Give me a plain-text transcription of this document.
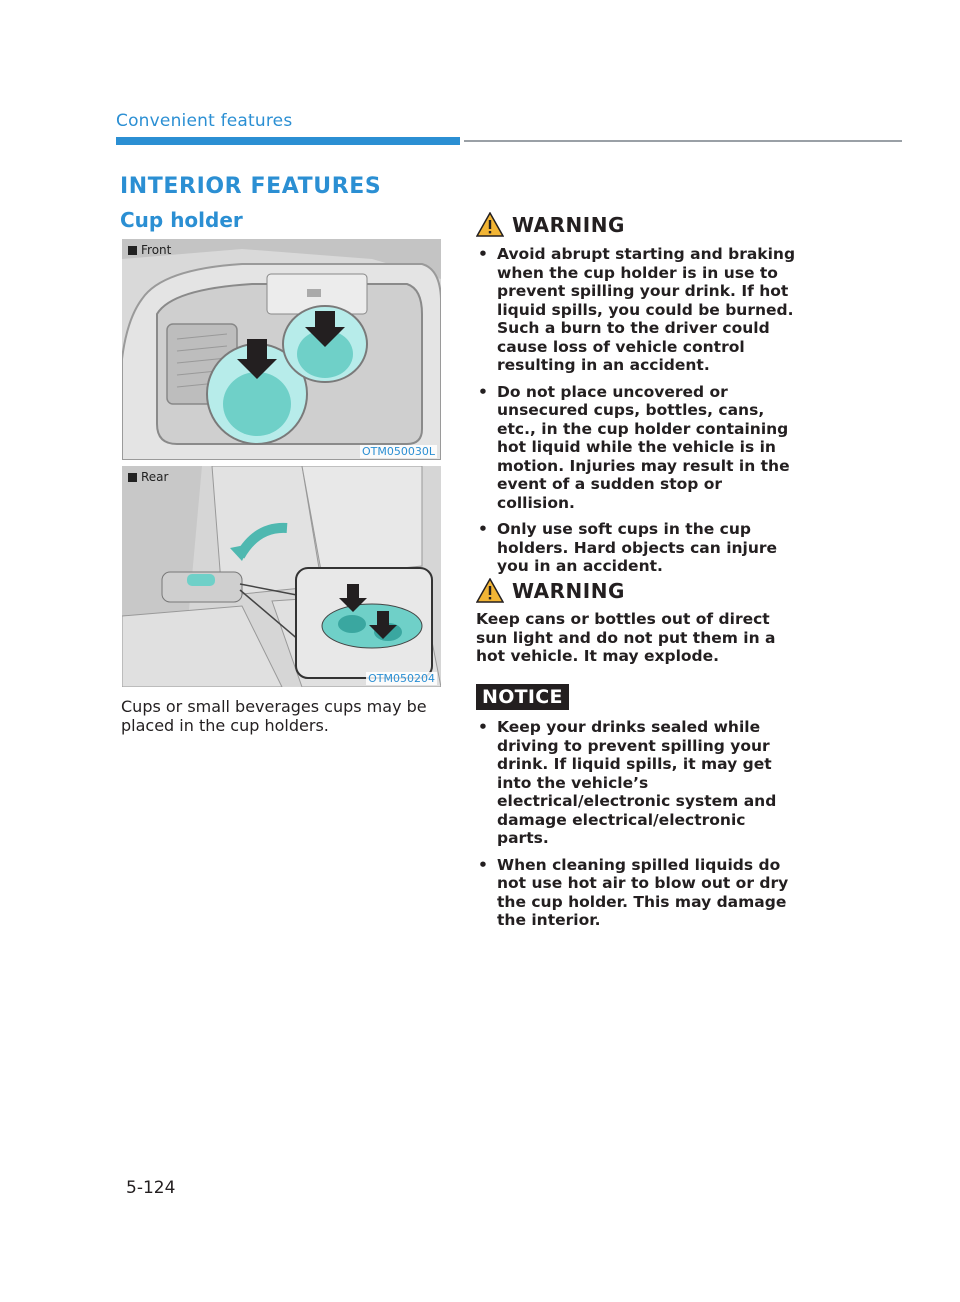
Convenient features
INTERIOR FEATURES
Cup holder
Front
OTM050030L
Rear
OTM050204
Cups or small beverages cups may be placed in the cup holders.
WARNING
• Avoid abrupt starting and braking when the cup holder is in use to prevent spilling your drink. If hot liquid spills, you could be burned. Such a burn to the driver could cause loss of vehicle control resulting in an accident.
• Do not place uncovered or unsecured cups, bottles, cans, etc., in the cup holder containing hot liquid while the vehicle is in motion. Injuries may result in the event of a sudden stop or collision.
• Only use soft cups in the cup holders. Hard objects can injure you in an accident.
WARNING
Keep cans or bottles out of direct sun light and do not put them in a hot vehicle. It may explode.
NOTICE
• Keep your drinks sealed while driving to prevent spilling your drink. If liquid spills, it may get into the vehicle’s electrical/electronic system and damage electrical/electronic parts.
• When cleaning spilled liquids do not use hot air to blow out or dry the cup holder. This may damage the interior.
5-124
